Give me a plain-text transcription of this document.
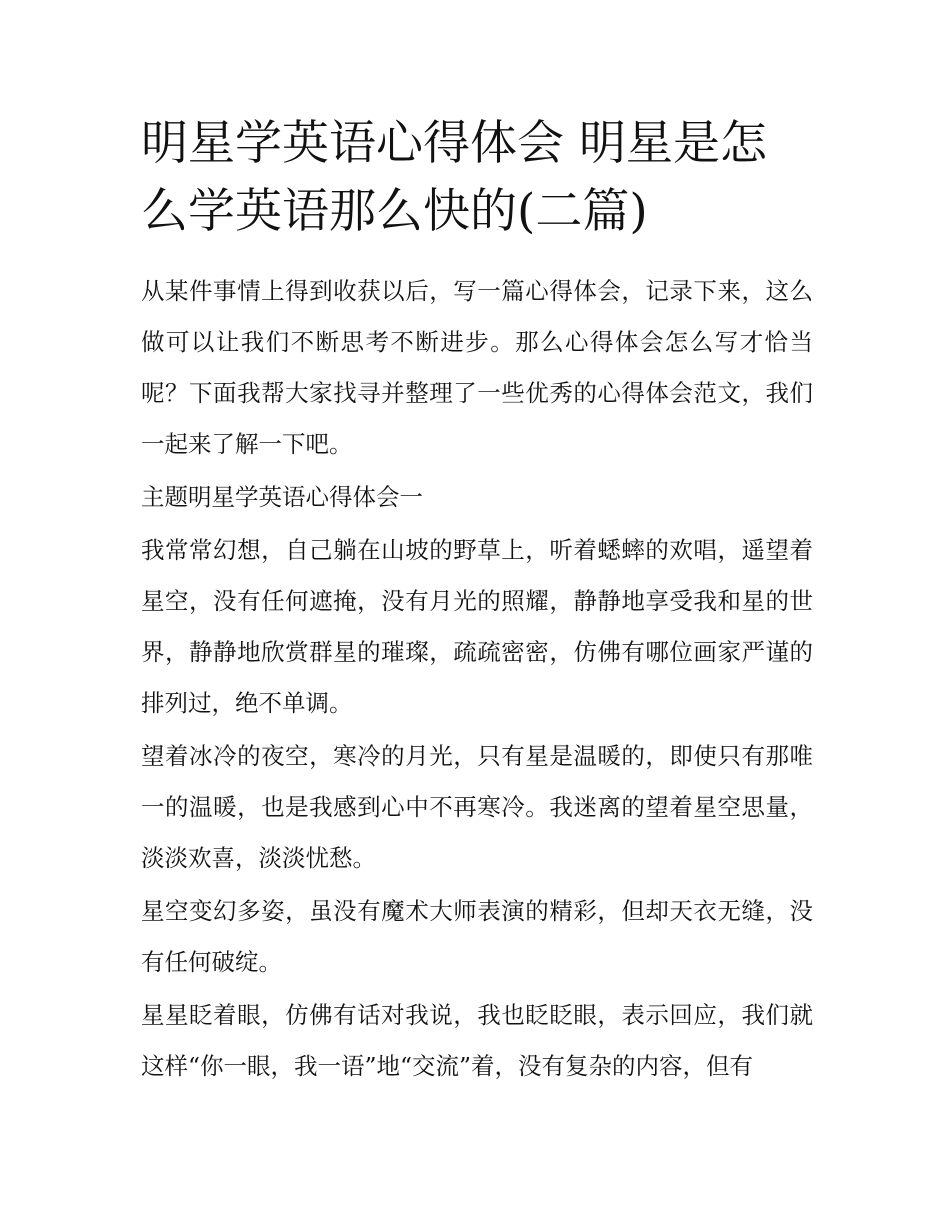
明星学英语心得体会 明星是怎么学英语那么快的(二篇)

从某件事情上得到收获以后，写一篇心得体会，记录下来，这么做可以让我们不断思考不断进步。那么心得体会怎么写才恰当呢？下面我帮大家找寻并整理了一些优秀的心得体会范文，我们一起来了解一下吧。

主题明星学英语心得体会一

我常常幻想，自己躺在山坡的野草上，听着蟋蟀的欢唱，遥望着星空，没有任何遮掩，没有月光的照耀，静静地享受我和星的世界，静静地欣赏群星的璀璨，疏疏密密，仿佛有哪位画家严谨的排列过，绝不单调。

望着冰冷的夜空，寒冷的月光，只有星是温暖的，即使只有那唯一的温暖，也是我感到心中不再寒冷。我迷离的望着星空思量，淡淡欢喜，淡淡忧愁。

星空变幻多姿，虽没有魔术大师表演的精彩，但却天衣无缝，没有任何破绽。

星星眨着眼，仿佛有话对我说，我也眨眨眼，表示回应，我们就这样“你一眼，我一语”地“交流”着，没有复杂的内容，但有
